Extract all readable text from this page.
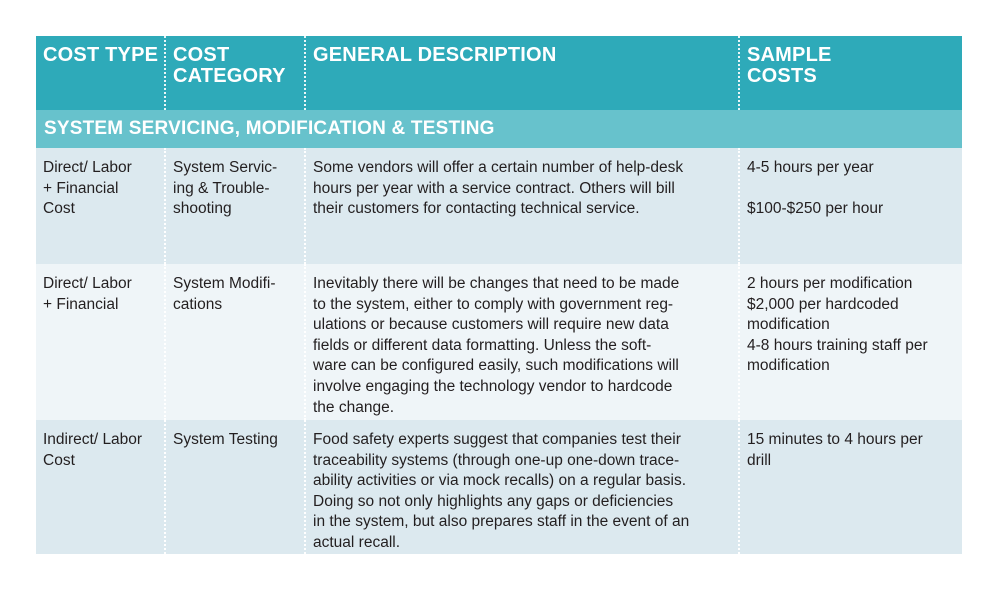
COST TYPE COST
CATEGORY
GENERAL DESCRIPTION	SAMPLE
COSTS
SYSTEM SERVICING, MODIFICATION & TESTING
Direct/ Labor
+ Financial
Cost
System Servic-
ing & Trouble-
shooting
Some vendors will offer a certain number of help-desk
hours per year with a service contract. Others will bill
their customers for contacting technical service.
4-5 hours per year

$100-$250 per hour
Direct/ Labor
+ Financial
System Modifi-
cations
Inevitably there will be changes that need to be made
to the system, either to comply with government reg-
ulations or because customers will require new data
fields or different data formatting. Unless the soft-
ware can be configured easily, such modifications will
involve engaging the technology vendor to hardcode
the change.
2 hours per modification
$2,000 per hardcoded
modification
4-8 hours training staff per
modification
Indirect/ Labor
Cost
System Testing	Food safety experts suggest that companies test their
traceability systems (through one-up one-down trace-
ability activities or via mock recalls) on a regular basis.
Doing so not only highlights any gaps or deficiencies
in the system, but also prepares staff in the event of an
actual recall.
15 minutes to 4 hours per
drill
